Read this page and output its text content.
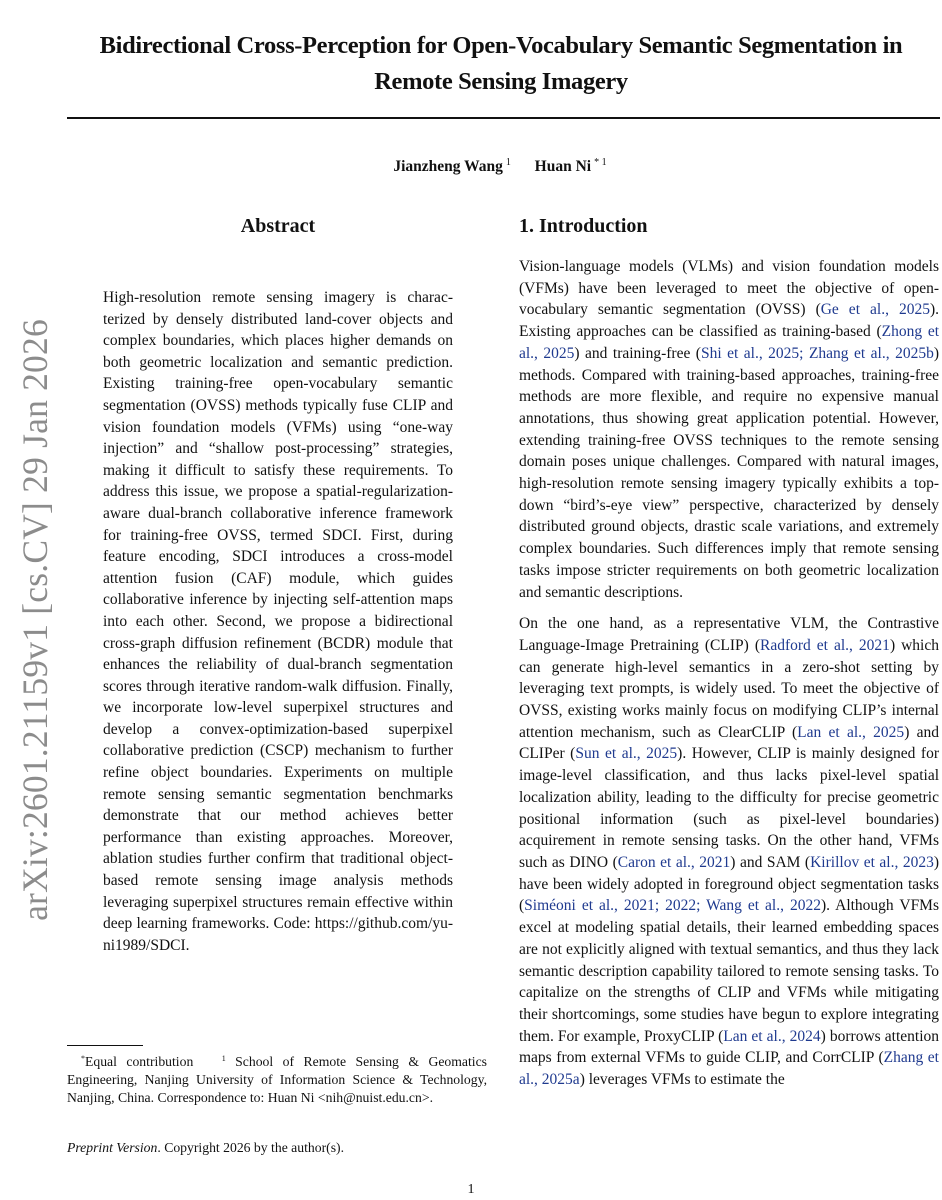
arXiv:2601.21159v1 [cs.CV] 29 Jan 2026
Bidirectional Cross-Perception for Open-Vocabulary Semantic Segmentation in
Remote Sensing Imagery
Jianzheng Wang $^1$ Huan Ni $^{* 1}$
Abstract

High-resolution remote sensing imagery is characterized by densely distributed land-cover objects and complex boundaries, which places higher demands on both geometric localization and semantic prediction. Existing training-free open-vocabulary semantic segmentation (OVSS) methods typically fuse CLIP and vision foundation models (VFMs) using “one-way injection” and “shallow post-processing” strategies, making it difficult to satisfy these requirements. To address this issue, we propose a spatial-regularization-aware dual-branch collaborative inference framework for training-free OVSS, termed SDCI. First, during feature encoding, SDCI introduces a cross-model attention fusion (CAF) module, which guides collaborative inference by injecting self-attention maps into each other. Second, we propose a bidirectional cross-graph diffusion refinement (BCDR) module that enhances the reliability of dual-branch segmentation scores through iterative random-walk diffusion. Finally, we incorporate low-level superpixel structures and develop a convex-optimization-based superpixel collaborative prediction (CSCP) mechanism to further refine object boundaries. Experiments on multiple remote sensing semantic segmentation benchmarks demonstrate that our method achieves better performance than existing approaches. Moreover, ablation studies further confirm that traditional object-based remote sensing image analysis methods leveraging superpixel structures remain effective within deep learning frameworks. Code: https://github.com/yu-ni1989/SDCI.

1. Introduction

Vision-language models (VLMs) and vision foundation models (VFMs) have been leveraged to meet the objective of open-vocabulary semantic segmentation (OVSS) (Ge et al., 2025). Existing approaches can be classified as training-based (Zhong et al., 2025) and training-free (Shi et al., 2025; Zhang et al., 2025b) methods. Compared with training-based approaches, training-free methods are more flexible, and require no expensive manual annotations, thus showing great application potential. However, extending training-free OVSS techniques to the remote sensing domain poses unique challenges. Compared with natural images, high-resolution remote sensing imagery typically exhibits a top-down “bird’s-eye view” perspective, characterized by densely distributed ground objects, drastic scale variations, and extremely complex boundaries. Such differences imply that remote sensing tasks impose stricter requirements on both geometric localization and semantic descriptions.

On the one hand, as a representative VLM, the Contrastive Language-Image Pretraining (CLIP) (Radford et al., 2021) which can generate high-level semantics in a zero-shot setting by leveraging text prompts, is widely used. To meet the objective of OVSS, existing works mainly focus on modifying CLIP’s internal attention mechanism, such as ClearCLIP (Lan et al., 2025) and CLIPer (Sun et al., 2025). However, CLIP is mainly designed for image-level classification, and thus lacks pixel-level spatial localization ability, leading to the difficulty for precise geometric positional information (such as pixel-level boundaries) acquirement in remote sensing tasks. On the other hand, VFMs such as DINO (Caron et al., 2021) and SAM (Kirillov et al., 2023) have been widely adopted in foreground object segmentation tasks (Siméoni et al., 2021; 2022; Wang et al., 2022). Although VFMs excel at modeling spatial details, their learned embedding spaces are not explicitly aligned with textual semantics, and thus they lack semantic description capability tailored to remote sensing tasks. To capitalize on the strengths of CLIP and VFMs while mitigating their shortcomings, some studies have begun to explore integrating them. For example, ProxyCLIP (Lan et al., 2024) borrows attention maps from external VFMs to guide CLIP, and CorrCLIP (Zhang et al., 2025a) leverages VFMs to estimate the

*Equal contribution	$^1$ School of Remote Sensing & Geomatics Engineering, Nanjing University of Information Science & Technology, Nanjing, China. Correspondence to: Huan Ni <nih@nuist.edu.cn>.
Preprint Version. Copyright 2026 by the author(s).
1
